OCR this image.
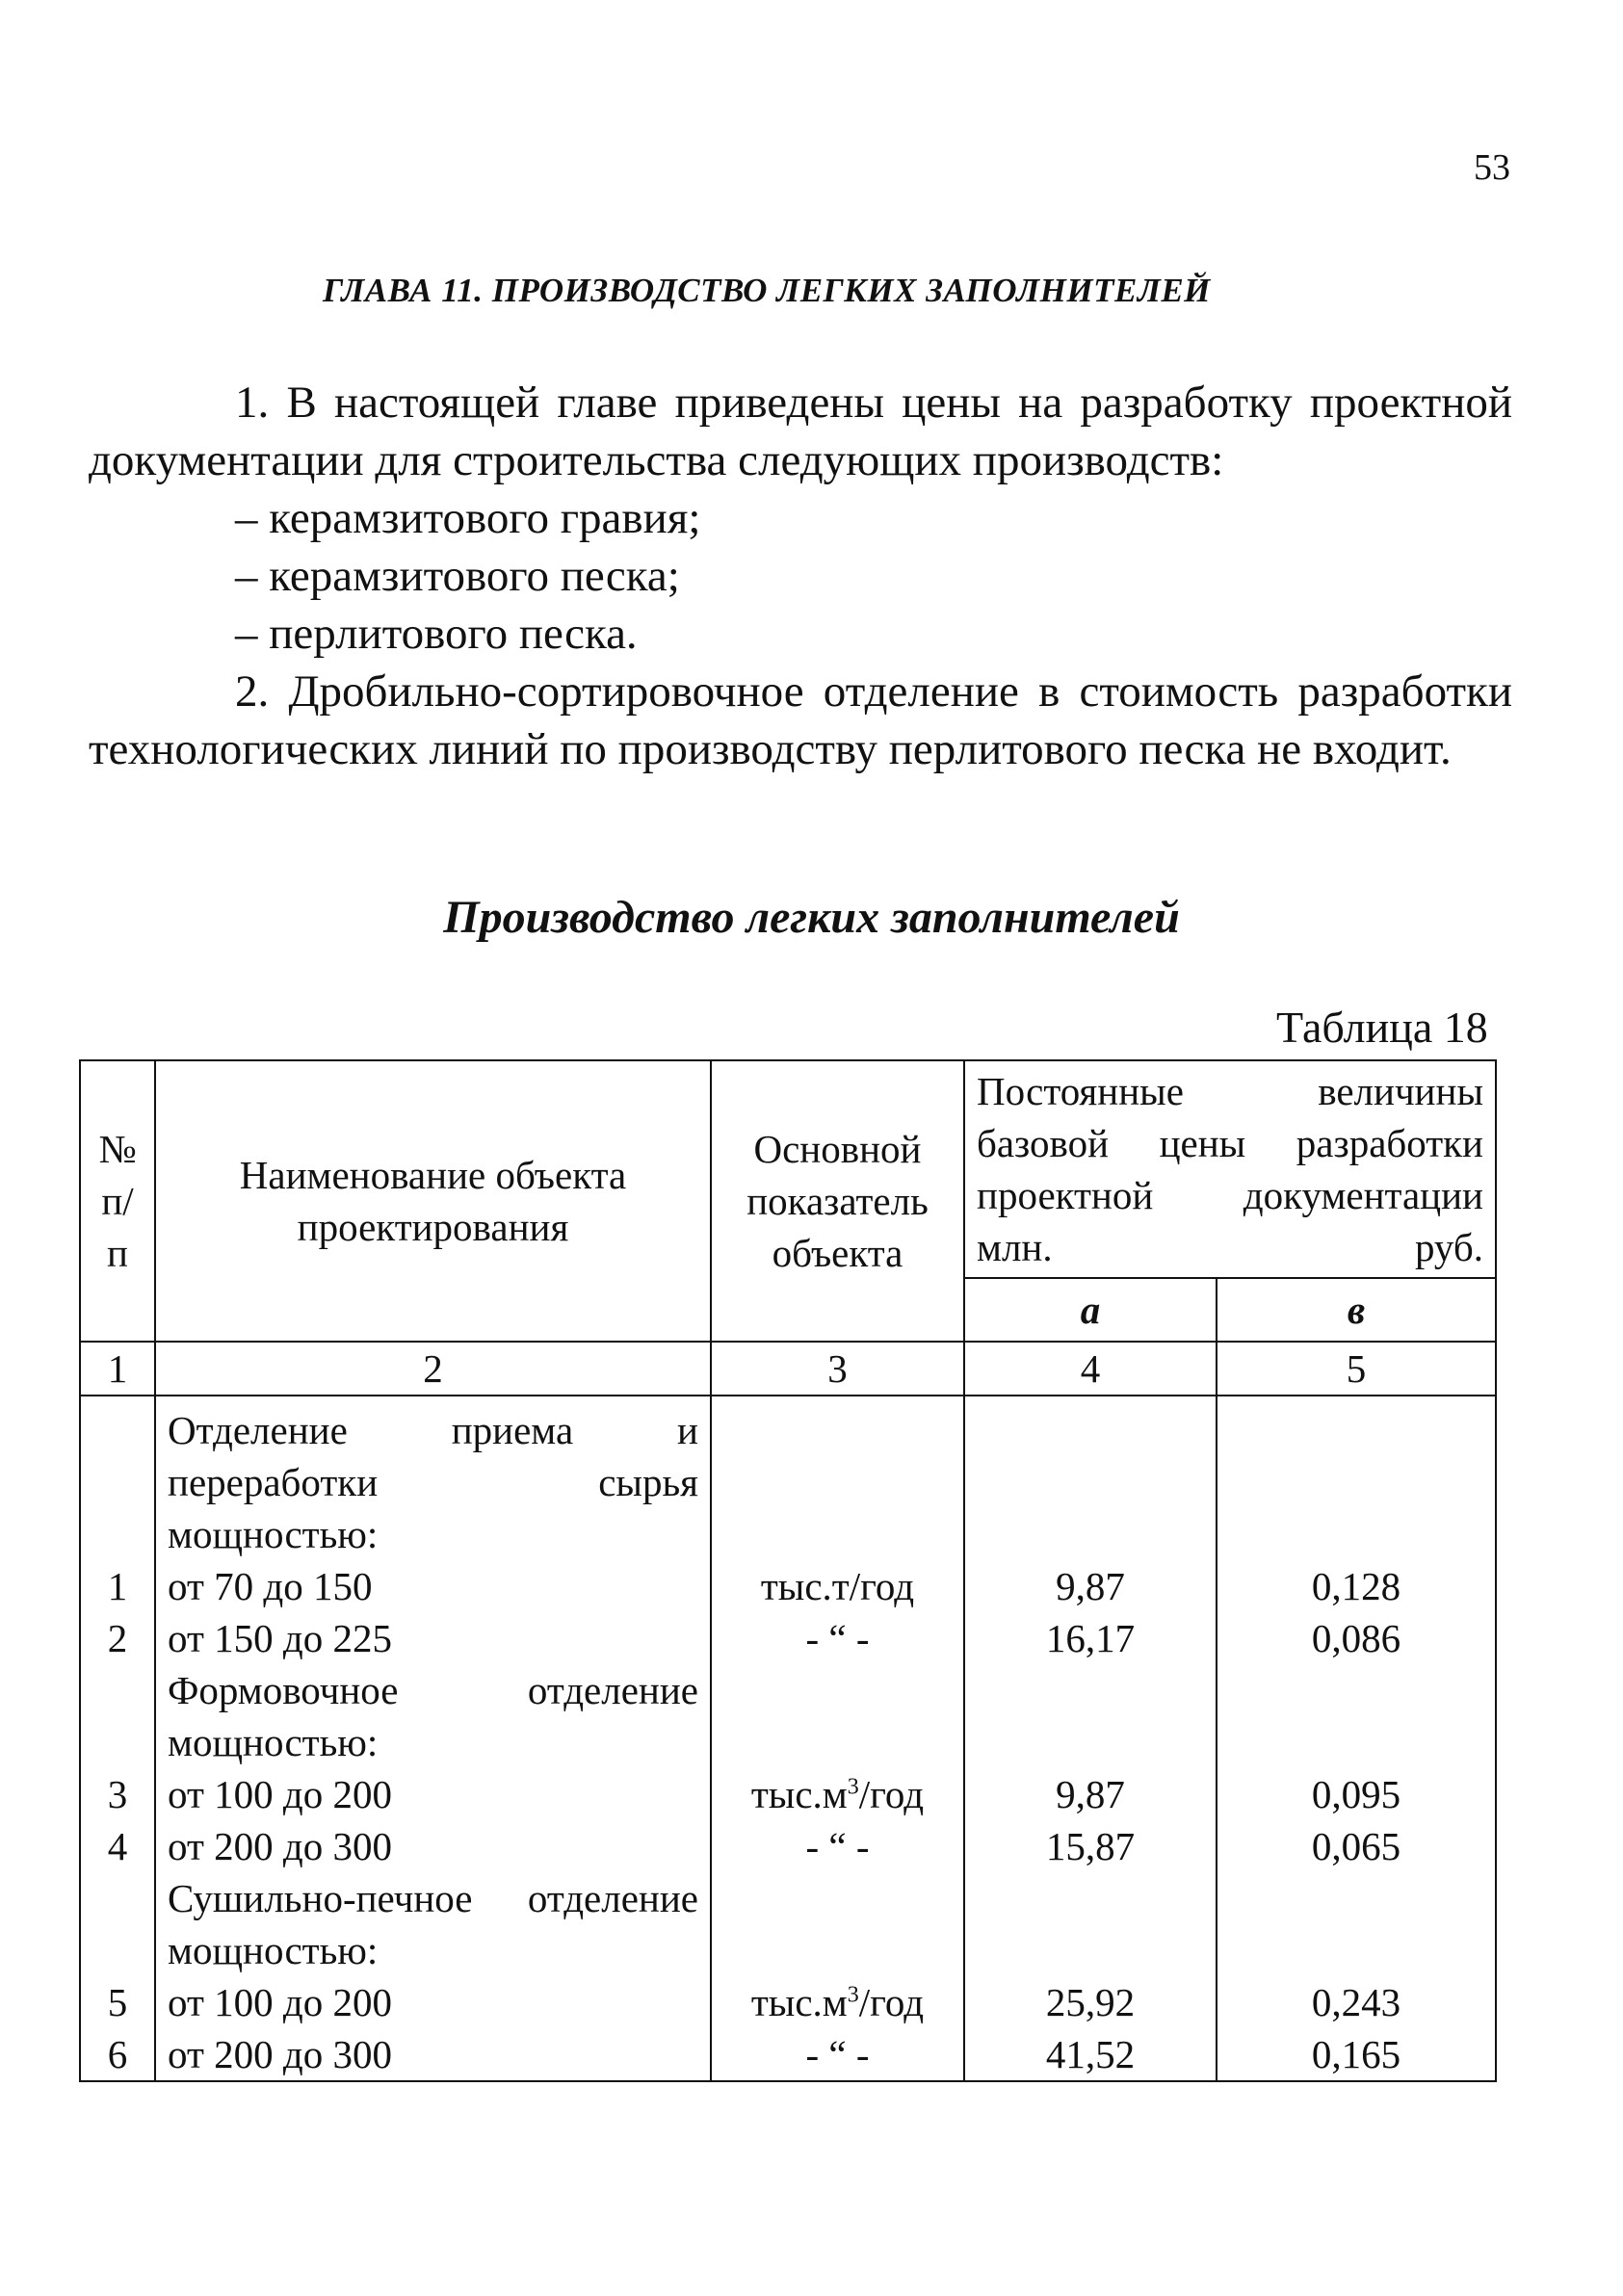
53
ГЛАВА 11. ПРОИЗВОДСТВО ЛЕГКИХ ЗАПОЛНИТЕЛЕЙ

1. В настоящей главе приведены цены на разработку проектной документации для строительства следующих производств:

– керамзитового гравия;

– керамзитового песка;

– перлитового песка.

2. Дробильно-сортировочное отделение в стоимость разработки технологических линий по производству перлитового песка не входит.

Производство легких заполнителей
Таблица 18
№ п/п	Наименование объекта проектирования	Основной показатель объекта	Постоянные величины базовой цены разработки проектной документации млн. руб.	
			а	в
1	2	3	4	5
	Отделение приема и переработки сырья мощностью:			
1	от 70 до 150	тыс.т/год	9,87	0,128
2	от 150 до 225	- “ -	16,17	0,086
	Формовочное отделение мощностью:			
3	от 100 до 200	$тыс.м^3$/год	9,87	0,095
4	от 200 до 300	- “ -	15,87	0,065
	Сушильно-печное отделение мощностью:			
5	от 100 до 200	$тыс.м^3$/год	25,92	0,243
6	от 200 до 300	- “ -	41,52	0,165
